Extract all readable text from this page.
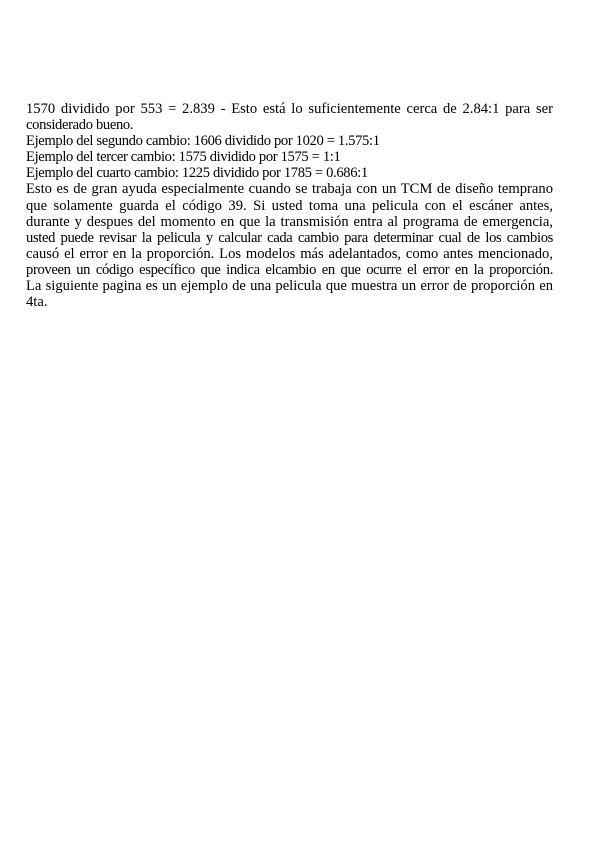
1570 dividido por 553 = 2.839 - Esto está lo suficientemente cerca de 2.84:1 para ser
considerado bueno.
Ejemplo del segundo cambio: 1606 dividido por 1020 = 1.575:1
Ejemplo del tercer cambio: 1575 dividido por 1575 = 1:1
Ejemplo del cuarto cambio: 1225 dividido por 1785 = 0.686:1
Esto es de gran ayuda especialmente cuando se trabaja con un TCM de diseño temprano
que solamente guarda el código 39. Si usted toma una pelicula con el escáner antes,
durante y despues del momento en que la transmisión entra al programa de emergencia,
usted puede revisar la pelicula y calcular cada cambio para determinar cual de los cambios
causó el error en la proporción. Los modelos más adelantados, como antes mencionado,
proveen un código específico que indica elcambio en que ocurre el error en la proporción.
La siguiente pagina es un ejemplo de una pelicula que muestra un error de proporción en
4ta.
